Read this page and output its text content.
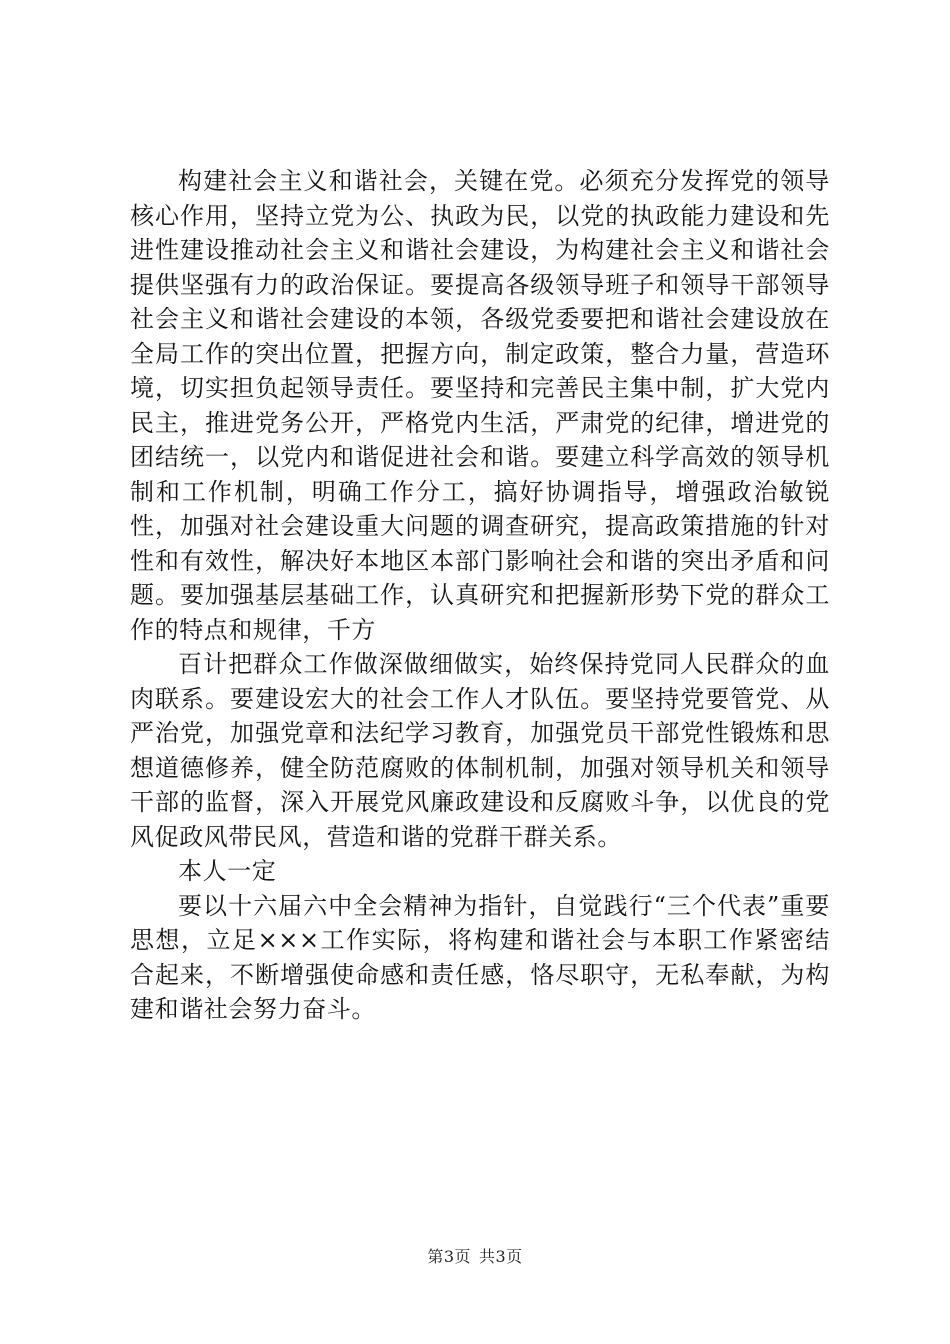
构建社会主义和谐社会，关键在党。必须充分发挥党的领导核心作用，坚持立党为公、执政为民，以党的执政能力建设和先进性建设推动社会主义和谐社会建设，为构建社会主义和谐社会提供坚强有力的政治保证。要提高各级领导班子和领导干部领导社会主义和谐社会建设的本领，各级党委要把和谐社会建设放在全局工作的突出位置，把握方向，制定政策，整合力量，营造环境，切实担负起领导责任。要坚持和完善民主集中制，扩大党内民主，推进党务公开，严格党内生活，严肃党的纪律，增进党的团结统一，以党内和谐促进社会和谐。要建立科学高效的领导机制和工作机制，明确工作分工，搞好协调指导，增强政治敏锐性，加强对社会建设重大问题的调查研究，提高政策措施的针对性和有效性，解决好本地区本部门影响社会和谐的突出矛盾和问题。要加强基层基础工作，认真研究和把握新形势下党的群众工作的特点和规律，千方

百计把群众工作做深做细做实，始终保持党同人民群众的血肉联系。要建设宏大的社会工作人才队伍。要坚持党要管党、从严治党，加强党章和法纪学习教育，加强党员干部党性锻炼和思想道德修养，健全防范腐败的体制机制，加强对领导机关和领导干部的监督，深入开展党风廉政建设和反腐败斗争，以优良的党风促政风带民风，营造和谐的党群干群关系。

本人一定

要以十六届六中全会精神为指针，自觉践行“三个代表”重要思想，立足×××工作实际，将构建和谐社会与本职工作紧密结合起来，不断增强使命感和责任感，恪尽职守，无私奉献，为构建和谐社会努力奋斗。

第3页 共3页
